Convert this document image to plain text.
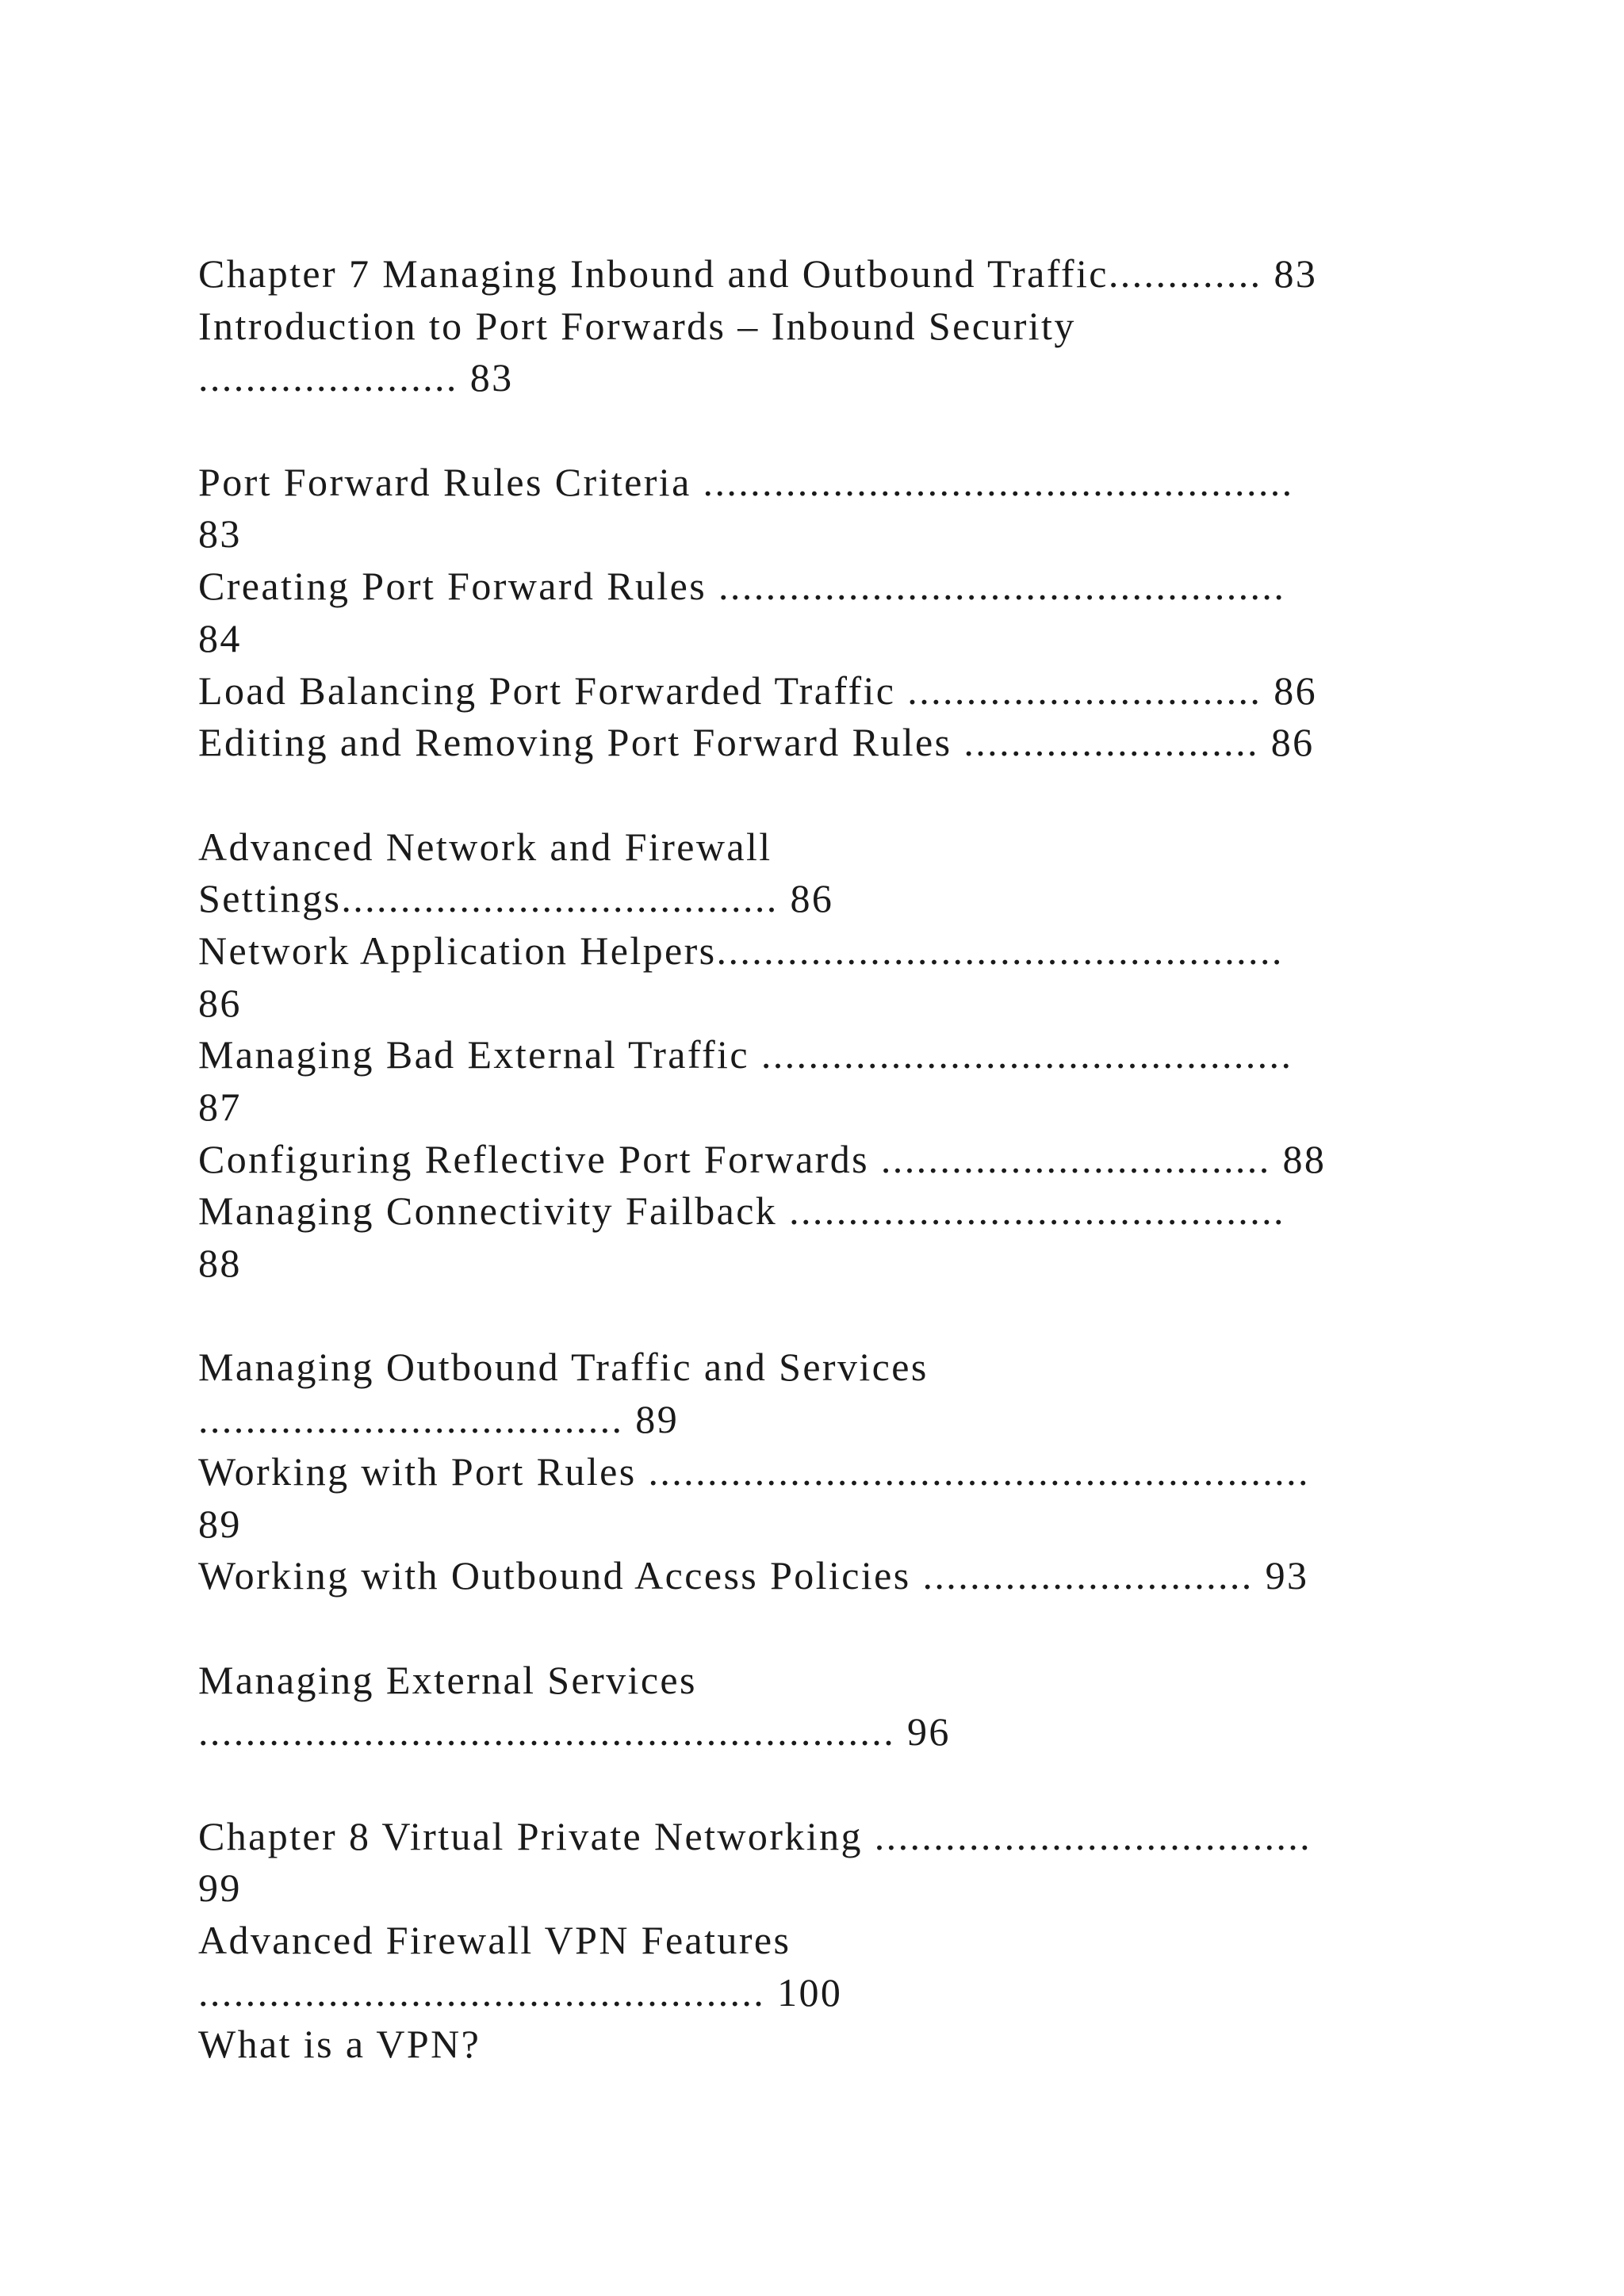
Chapter 7 Managing Inbound and Outbound Traffic............. 83
Introduction to Port Forwards – Inbound Security
...................... 83
Port Forward Rules Criteria ..................................................
83
Creating Port Forward Rules ................................................
84
Load Balancing Port Forwarded Traffic .............................. 86
Editing and Removing Port Forward Rules ......................... 86
Advanced Network and Firewall
Settings..................................... 86
Network Application Helpers................................................
86
Managing Bad External Traffic .............................................
87
Configuring Reflective Port Forwards ................................. 88
Managing Connectivity Failback ..........................................
88
Managing Outbound Traffic and Services
.................................... 89
Working with Port Rules ........................................................
89
Working with Outbound Access Policies ............................ 93
Managing External Services
........................................................... 96
Chapter 8 Virtual Private Networking .....................................
99
Advanced Firewall VPN Features
................................................ 100
What is a VPN?
